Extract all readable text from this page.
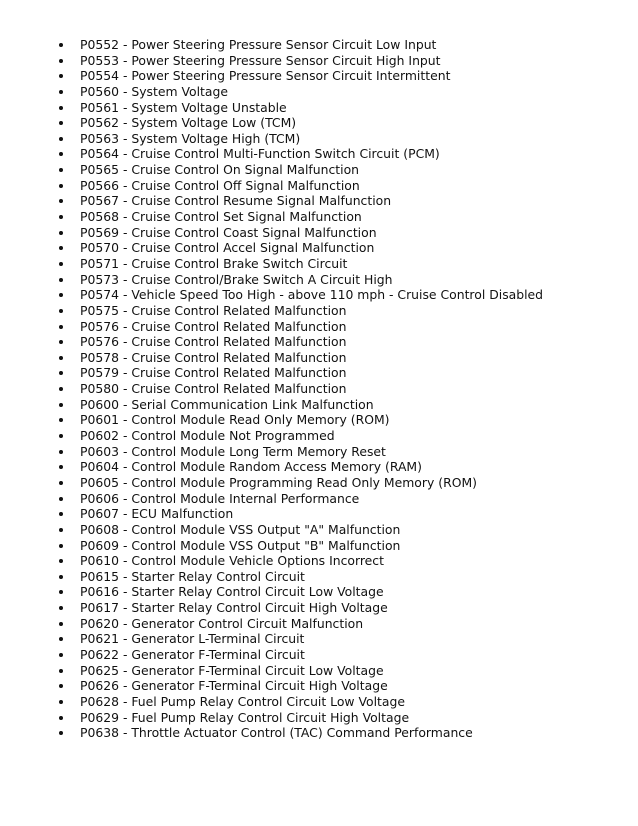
P0552 - Power Steering Pressure Sensor Circuit Low Input
P0553 - Power Steering Pressure Sensor Circuit High Input
P0554 - Power Steering Pressure Sensor Circuit Intermittent
P0560 - System Voltage
P0561 - System Voltage Unstable
P0562 - System Voltage Low (TCM)
P0563 - System Voltage High (TCM)
P0564 - Cruise Control Multi-Function Switch Circuit (PCM)
P0565 - Cruise Control On Signal Malfunction
P0566 - Cruise Control Off Signal Malfunction
P0567 - Cruise Control Resume Signal Malfunction
P0568 - Cruise Control Set Signal Malfunction
P0569 - Cruise Control Coast Signal Malfunction
P0570 - Cruise Control Accel Signal Malfunction
P0571 - Cruise Control Brake Switch Circuit
P0573 - Cruise Control/Brake Switch A Circuit High
P0574 - Vehicle Speed Too High - above 110 mph - Cruise Control Disabled
P0575 - Cruise Control Related Malfunction
P0576 - Cruise Control Related Malfunction
P0576 - Cruise Control Related Malfunction
P0578 - Cruise Control Related Malfunction
P0579 - Cruise Control Related Malfunction
P0580 - Cruise Control Related Malfunction
P0600 - Serial Communication Link Malfunction
P0601 - Control Module Read Only Memory (ROM)
P0602 - Control Module Not Programmed
P0603 - Control Module Long Term Memory Reset
P0604 - Control Module Random Access Memory (RAM)
P0605 - Control Module Programming Read Only Memory (ROM)
P0606 - Control Module Internal Performance
P0607 - ECU Malfunction
P0608 - Control Module VSS Output "A" Malfunction
P0609 - Control Module VSS Output "B" Malfunction
P0610 - Control Module Vehicle Options Incorrect
P0615 - Starter Relay Control Circuit
P0616 - Starter Relay Control Circuit Low Voltage
P0617 - Starter Relay Control Circuit High Voltage
P0620 - Generator Control Circuit Malfunction
P0621 - Generator L-Terminal Circuit
P0622 - Generator F-Terminal Circuit
P0625 - Generator F-Terminal Circuit Low Voltage
P0626 - Generator F-Terminal Circuit High Voltage
P0628 - Fuel Pump Relay Control Circuit Low Voltage
P0629 - Fuel Pump Relay Control Circuit High Voltage
P0638 - Throttle Actuator Control (TAC) Command Performance
